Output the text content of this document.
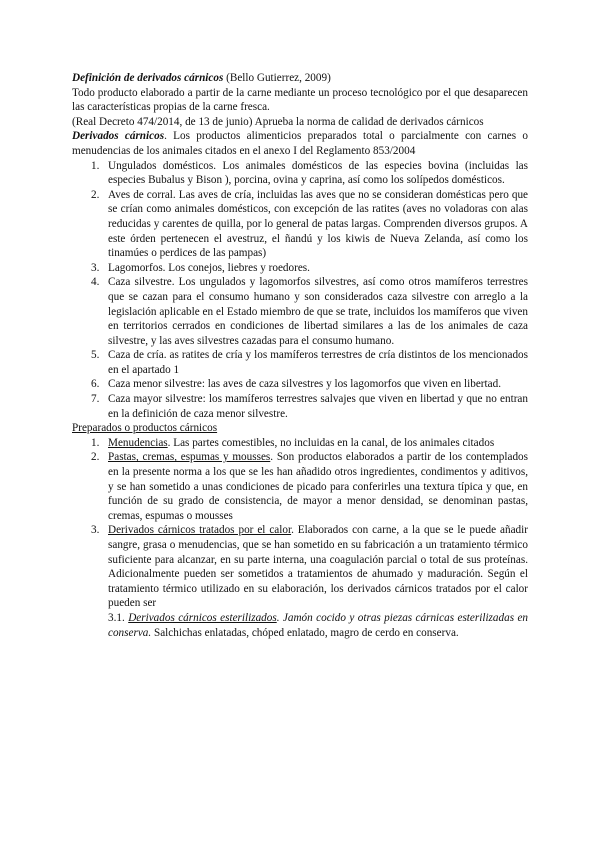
Definición de derivados cárnicos (Bello Gutierrez, 2009)

Todo producto elaborado a partir de la carne mediante un proceso tecnológico por el que desaparecen las características propias de la carne fresca.

(Real Decreto 474/2014, de 13 de junio) Aprueba la norma de calidad de derivados cárnicos

Derivados cárnicos. Los productos alimenticios preparados total o parcialmente con carnes o menudencias de los animales citados en el anexo I del Reglamento 853/2004

1. Ungulados domésticos. Los animales domésticos de las especies bovina (incluidas las especies Bubalus y Bison ), porcina, ovina y caprina, así como los solípedos domésticos.
2. Aves de corral. Las aves de cría, incluidas las aves que no se consideran domésticas pero que se crían como animales domésticos, con excepción de las ratites (aves no voladoras con alas reducidas y carentes de quilla, por lo general de patas largas. Comprenden diversos grupos. A este órden pertenecen el avestruz, el ñandú y los kiwis de Nueva Zelanda, así como los tinamúes o perdices de las pampas)
3. Lagomorfos. Los conejos, liebres y roedores.
4. Caza silvestre. Los ungulados y lagomorfos silvestres, así como otros mamíferos terrestres que se cazan para el consumo humano y son considerados caza silvestre con arreglo a la legislación aplicable en el Estado miembro de que se trate, incluidos los mamíferos que viven en territorios cerrados en condiciones de libertad similares a las de los animales de caza silvestre, y las aves silvestres cazadas para el consumo humano.
5. Caza de cría. as ratites de cría y los mamíferos terrestres de cría distintos de los mencionados en el apartado 1
6. Caza menor silvestre: las aves de caza silvestres y los lagomorfos que viven en libertad.
7. Caza mayor silvestre: los mamíferos terrestres salvajes que viven en libertad y que no entran en la definición de caza menor silvestre.

Preparados o productos cárnicos

1. Menudencias. Las partes comestibles, no incluidas en la canal, de los animales citados
2. Pastas, cremas, espumas y mousses. Son productos elaborados a partir de los contemplados en la presente norma a los que se les han añadido otros ingredientes, condimentos y aditivos, y se han sometido a unas condiciones de picado para conferirles una textura típica y que, en función de su grado de consistencia, de mayor a menor densidad, se denominan pastas, cremas, espumas o mousses
3. Derivados cárnicos tratados por el calor. Elaborados con carne, a la que se le puede añadir sangre, grasa o menudencias, que se han sometido en su fabricación a un tratamiento térmico suficiente para alcanzar, en su parte interna, una coagulación parcial o total de sus proteínas. Adicionalmente pueden ser sometidos a tratamientos de ahumado y maduración. Según el tratamiento térmico utilizado en su elaboración, los derivados cárnicos tratados por el calor pueden ser

3.1. Derivados cárnicos esterilizados. Jamón cocido y otras piezas cárnicas esterilizadas en conserva. Salchichas enlatadas, chóped enlatado, magro de cerdo en conserva.
